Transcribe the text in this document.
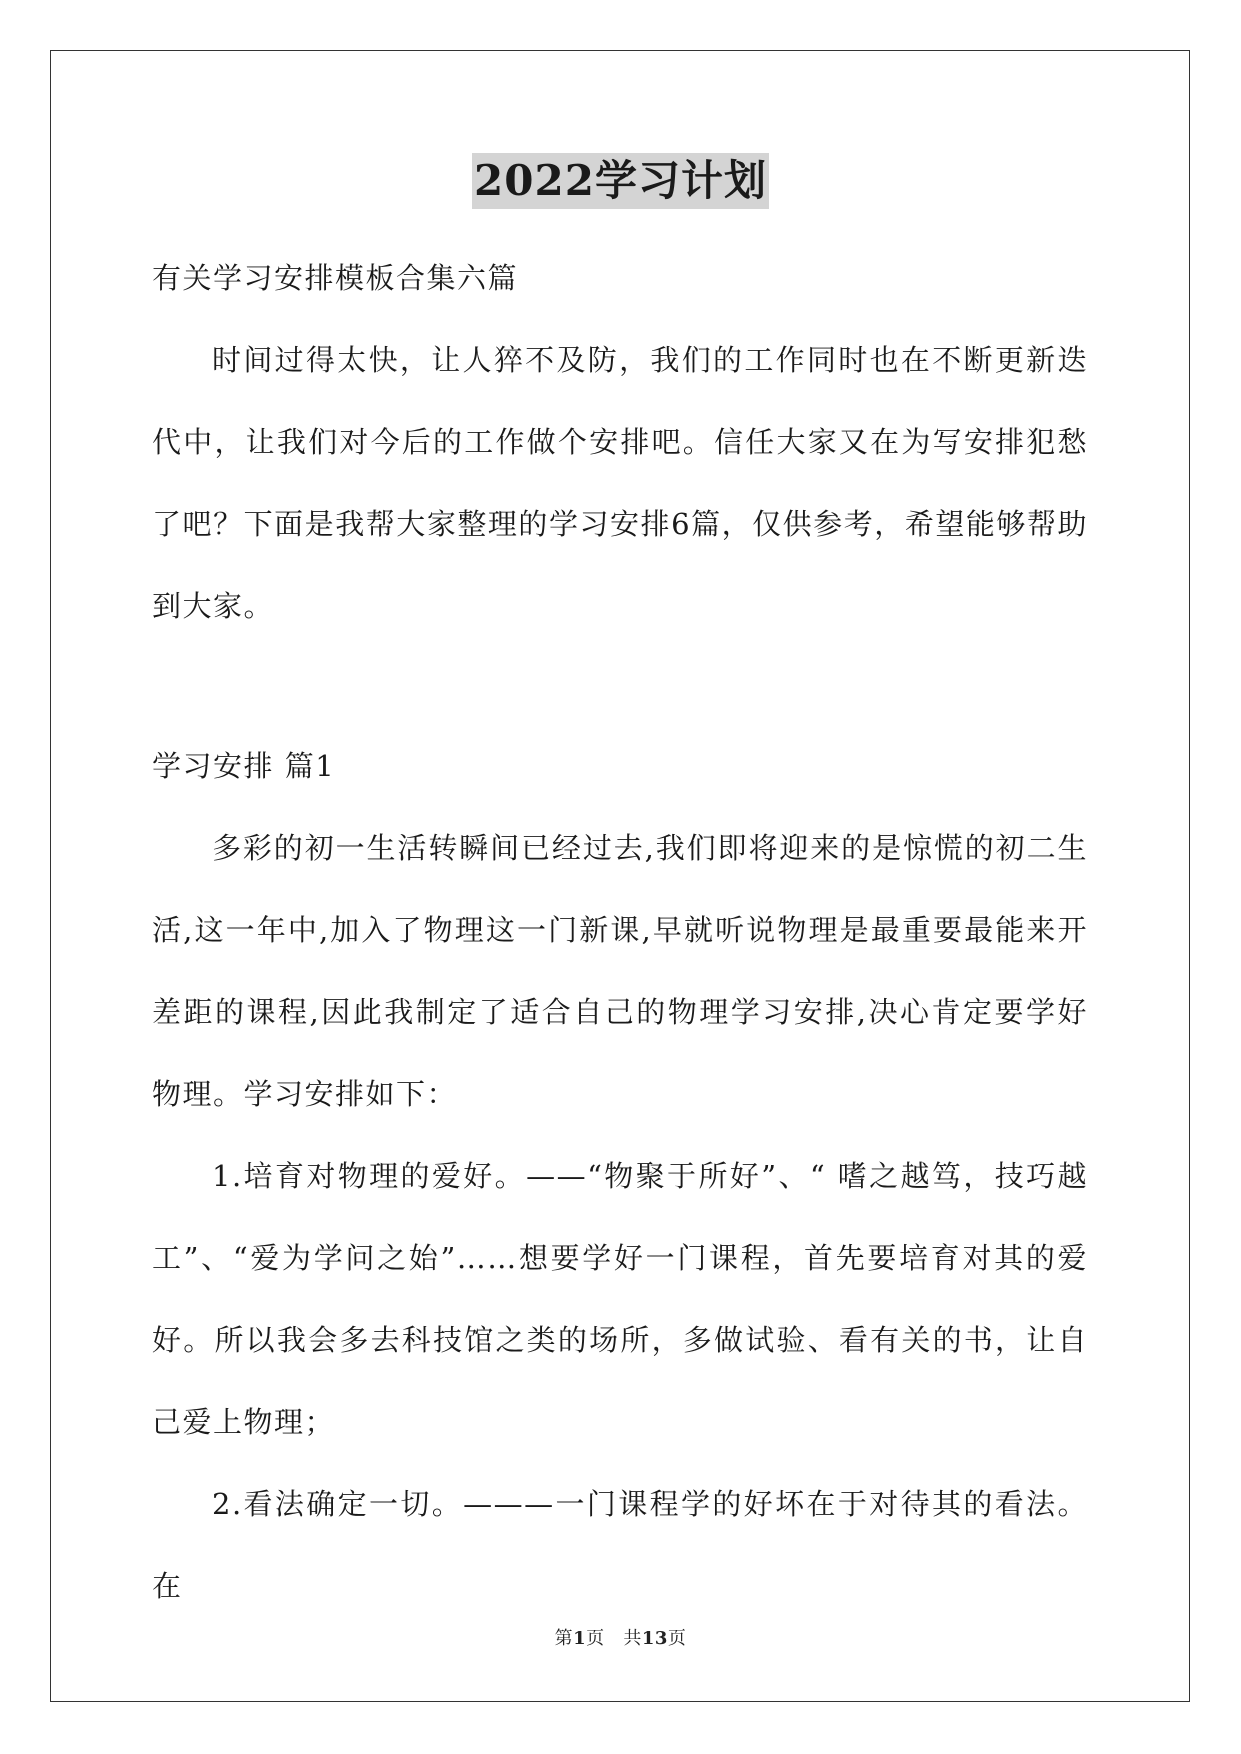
2022学习计划

有关学习安排模板合集六篇

时间过得太快，让人猝不及防，我们的工作同时也在不断更新迭代中，让我们对今后的工作做个安排吧。信任大家又在为写安排犯愁了吧？下面是我帮大家整理的学习安排6篇，仅供参考，希望能够帮助到大家。

学习安排 篇1

多彩的初一生活转瞬间已经过去,我们即将迎来的是惊慌的初二生活,这一年中,加入了物理这一门新课,早就听说物理是最重要最能来开差距的课程,因此我制定了适合自己的物理学习安排,决心肯定要学好物理。学习安排如下：

1.培育对物理的爱好。——“物聚于所好”、“ 嗜之越笃，技巧越工”、“爱为学问之始”……想要学好一门课程，首先要培育对其的爱好。所以我会多去科技馆之类的场所，多做试验、看有关的书，让自己爱上物理；

2.看法确定一切。———一门课程学的好坏在于对待其的看法。在

第1页 共13页
